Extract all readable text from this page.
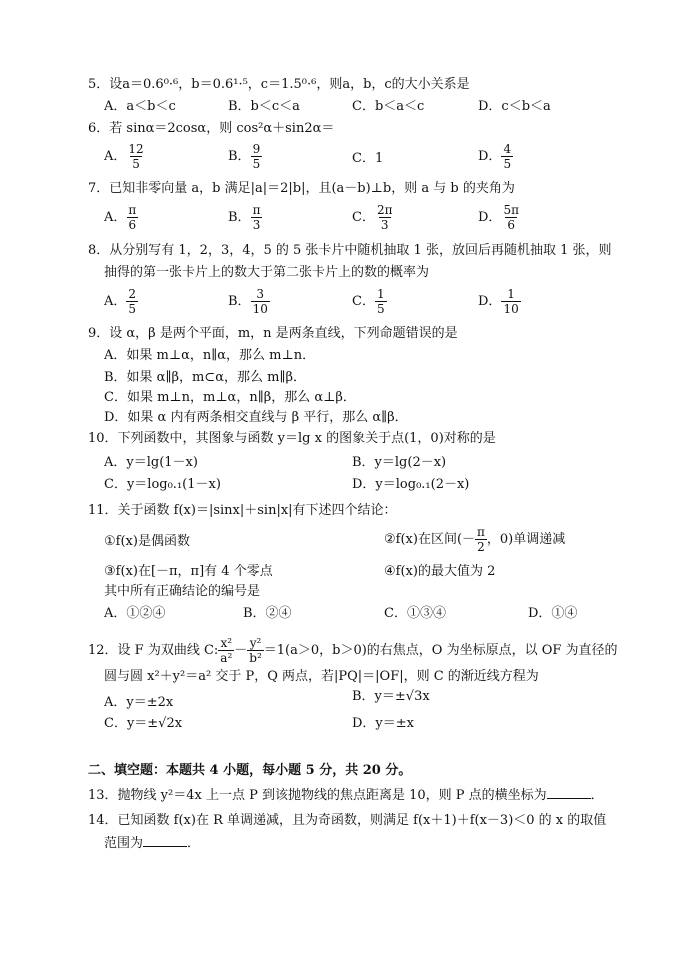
5．设a＝0.6⁰·⁶，b＝0.6¹·⁵，c＝1.5⁰·⁶，则a，b，c的大小关系是
A．a＜b＜c	B．b＜c＜a	C．b＜a＜c	D．c＜b＜a
6．若 sinα＝2cosα，则 cos²α＋sin2α＝
A． $\frac{12}{5}$	B． $\frac{9}{5}$	C．1	D． $\frac{4}{5}$
7．已知非零向量 a，b 满足|a|＝2|b|，且(a－b)⊥b，则 a 与 b 的夹角为
A． $\frac{\pi}{6}$	B． $\frac{\pi}{3}$	C． $\frac{2\pi}{3}$	D． $\frac{5\pi}{6}$
8．从分别写有 1，2，3，4，5 的 5 张卡片中随机抽取 1 张，放回后再随机抽取 1 张，则
抽得的第一张卡片上的数大于第二张卡片上的数的概率为
A． $\frac{2}{5}$	B． $\frac{3}{10}$	C． $\frac{1}{5}$	D． $\frac{1}{10}$
9．设 α，β 是两个平面，m，n 是两条直线，下列命题错误的是
A．如果 m⊥α，n∥α，那么 m⊥n．
B．如果 α∥β，m⊂α，那么 m∥β．
C．如果 m⊥n，m⊥α，n∥β，那么 α⊥β．
D．如果 α 内有两条相交直线与 β 平行，那么 α∥β．
10．下列函数中，其图象与函数 y＝lg x 的图象关于点(1，0)对称的是
A．y＝lg(1－x)	B．y＝lg(2－x)
C．y＝log₀.₁(1－x)	D．y＝log₀.₁(2－x)
11．关于函数 f(x)＝|sinx|＋sin|x|有下述四个结论：
①f(x)是偶函数	②f(x)在区间(－ $\frac{\pi}{2}$ ，0)单调递减
③f(x)在[－π，π]有 4 个零点	④f(x)的最大值为 2
其中所有正确结论的编号是
A．①②④	B．②④	C．①③④	D．①④
12．设 F 为双曲线 C: $\frac{\text{x²}}{\text{a²}} - \frac{\text{y²}}{\text{b²}} =1(a>0$，b＞0)的右焦点，O 为坐标原点，以 OF 为直径的
圆与圆 x²＋y²＝a² 交于 P，Q 两点，若|PQ|＝|OF|，则 C 的渐近线方程为
A．y＝±2x	B．y＝±√3x
C．y＝±√2x	D．y＝±x
二、填空题：本题共 4 小题，每小题 5 分，共 20 分。
13．抛物线 y²＝4x 上一点 P 到该抛物线的焦点距离是 10，则 P 点的横坐标为	．
14．已知函数 f(x)在 R 单调递减，且为奇函数，则满足 f(x＋1)＋f(x－3)＜0 的 x 的取值
范围为	．
